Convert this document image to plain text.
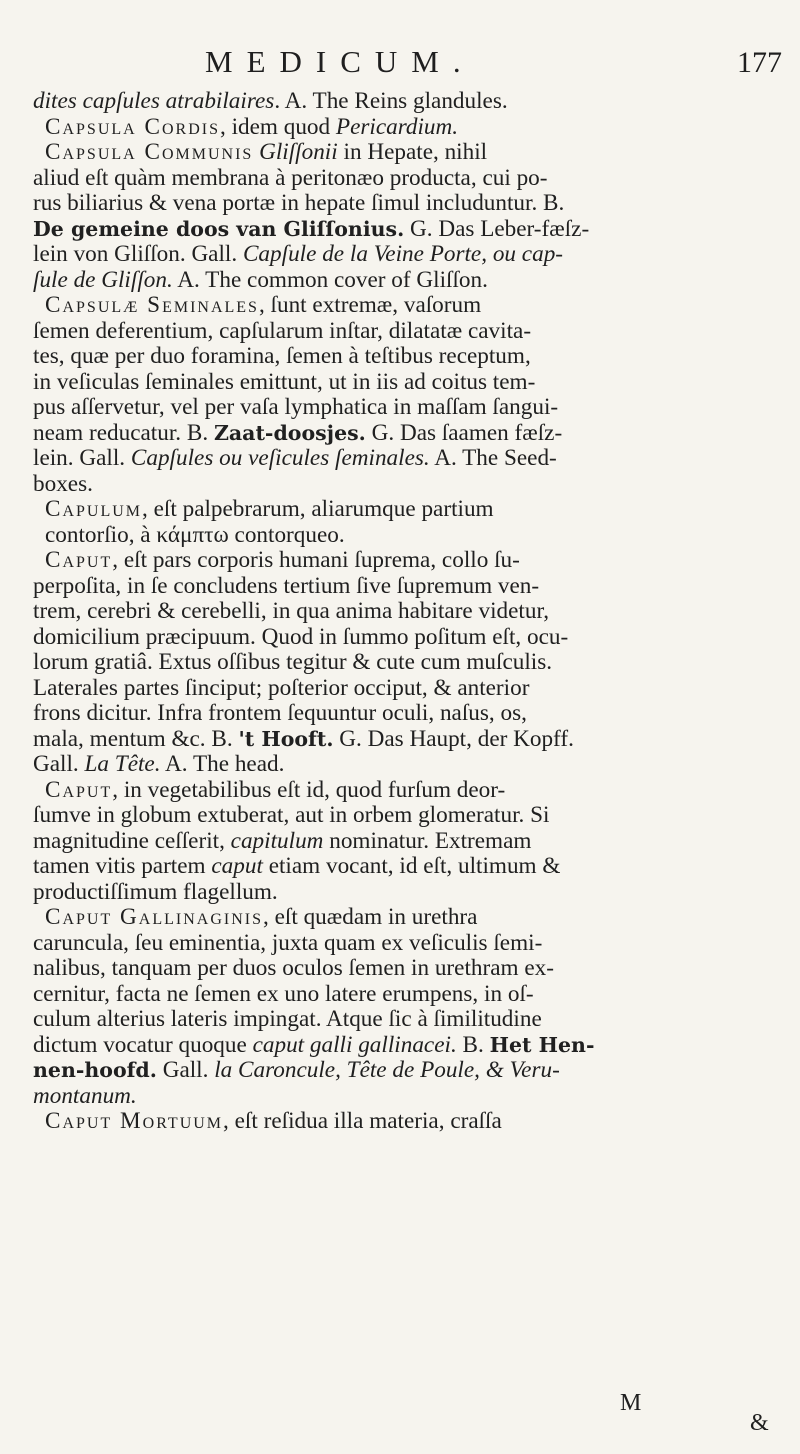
MEDICUM.	177

dites capſules atrabilaires. A. The Reins glandules.

Capsula Cordis, idem quod Pericardium.

Capsula Communis Gliſſonii in Hepate, nihil

aliud eſt quàm membrana à peritonæo producta, cui po-

rus biliarius & vena portæ in hepate ſimul includuntur. B.

De gemeine doos van Gliſſonius. G. Das Leber-fæſz-

lein von Gliſſon. Gall. Capſule de la Veine Porte, ou cap-

ſule de Gliſſon. A. The common cover of Gliſſon.

Capsulæ Seminales, ſunt extremæ, vaſorum

ſemen deferentium, capſularum inſtar, dilatatæ cavita-

tes, quæ per duo foramina, ſemen à teſtibus receptum,

in veſiculas ſeminales emittunt, ut in iis ad coitus tem-

pus aſſervetur, vel per vaſa lymphatica in maſſam ſangui-

neam reducatur. B. Zaat-doosjes. G. Das ſaamen fæſz-

lein. Gall. Capſules ou veſicules ſeminales. A. The Seed-

boxes.

Capulum, eſt palpebrarum, aliarumque partium

contorſio, à κάμπτω contorqueo.

Caput, eſt pars corporis humani ſuprema, collo ſu-

perpoſita, in ſe concludens tertium ſive ſupremum ven-

trem, cerebri & cerebelli, in qua anima habitare videtur,

domicilium præcipuum. Quod in ſummo poſitum eſt, ocu-

lorum gratiâ. Extus oſſibus tegitur & cute cum muſculis.

Laterales partes ſinciput; poſterior occiput, & anterior

frons dicitur. Infra frontem ſequuntur oculi, naſus, os,

mala, mentum &c. B. 't Hooft. G. Das Haupt, der Kopff.

Gall. La Tête. A. The head.

Caput, in vegetabilibus eſt id, quod furſum deor-

ſumve in globum extuberat, aut in orbem glomeratur. Si

magnitudine ceſſerit, capitulum nominatur. Extremam

tamen vitis partem caput etiam vocant, id eſt, ultimum &

productiſſimum flagellum.

Caput Gallinaginis, eſt quædam in urethra

caruncula, ſeu eminentia, juxta quam ex veſiculis ſemi-

nalibus, tanquam per duos oculos ſemen in urethram ex-

cernitur, facta ne ſemen ex uno latere erumpens, in oſ-

culum alterius lateris impingat. Atque ſic à ſimilitudine

dictum vocatur quoque caput galli gallinacei. B. Het Hen-

nen-hoofd. Gall. la Caroncule, Tête de Poule, & Veru-

montanum.

Caput Mortuum, eſt reſidua illa materia, craſſa

M
&
